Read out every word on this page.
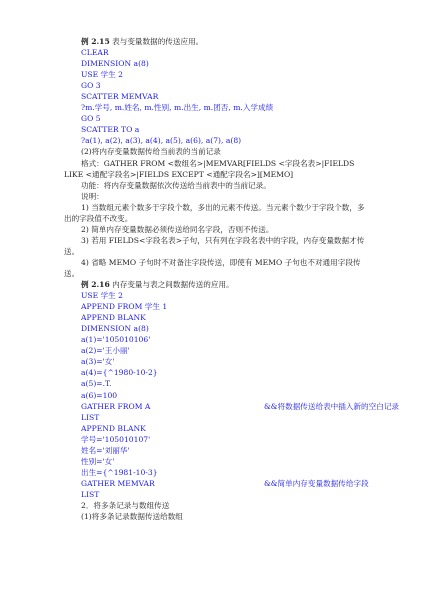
例 2.15 表与变量数据的传送应用。
CLEAR
DIMENSION a(8)
USE 学生 2
GO 3
SCATTER MEMVAR
?m.学号, m.姓名, m.性别, m.出生, m.团否, m.入学成绩
GO 5
SCATTER TO a
?a(1), a(2), a(3), a(4), a(5), a(6), a(7), a(8)
(2)将内存变量数据传给当前表的当前记录
格式：GATHER FROM <数组名>|MEMVAR[FIELDS <字段名表>|FIELDS LIKE <通配字段名>|FIELDS EXCEPT <通配字段名>][MEMO]
功能：将内存变量数据依次传送给当前表中的当前记录。
说明：
1) 当数组元素个数多于字段个数，多出的元素不传送。当元素个数少于字段个数，多出的字段值不改变。
2) 简单内存变量数据必须传送给同名字段，否则不传送。
3) 若用 FIELDS<字段名表>子句，只有列在字段名表中的字段，内存变量数据才传送。
4) 省略 MEMO 子句时不对备注字段传送，即使有 MEMO 子句也不对通用字段传送。
例 2.16 内存变量与表之间数据传送的应用。
USE 学生 2
APPEND FROM 学生 1
APPEND BLANK
DIMENSION a(8)
a(1)='105010106'
a(2)='王小丽'
a(3)='女'
a(4)={^1980-10-2}
a(5)=.T.
a(6)=100
GATHER FROM A	&&将数据传送给表中插入新的空白记录
LIST
APPEND BLANK
学号='105010107'
姓名='刘丽华'
性别='女'
出生={^1981-10-3}
GATHER MEMVAR	&&简单内存变量数据传给字段
LIST
2．将多条记录与数组传送
(1)将多条记录数据传送给数组
